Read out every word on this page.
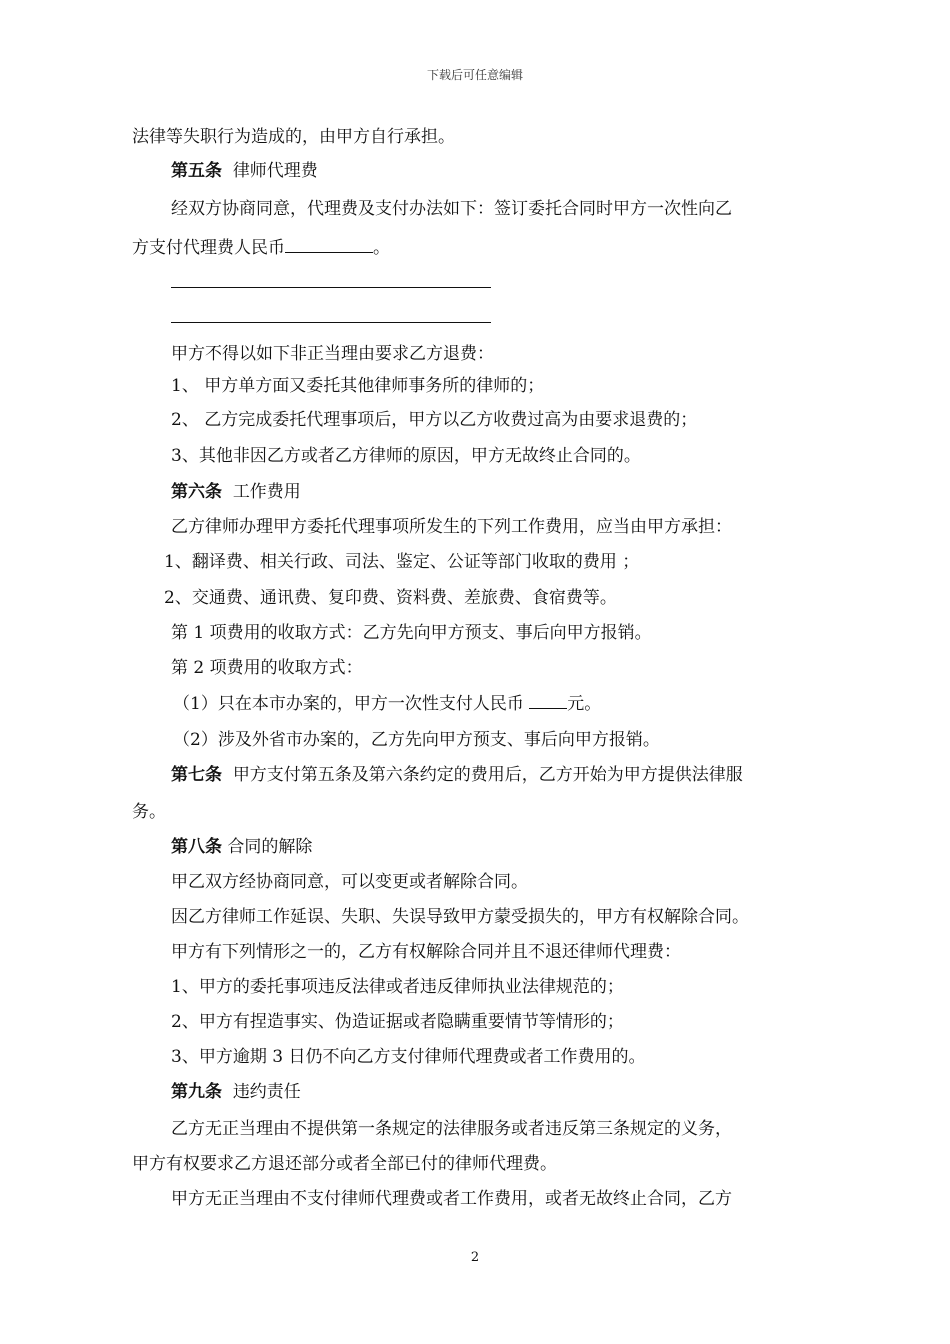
下载后可任意编辑
法律等失职行为造成的，由甲方自行承担。
第五条 律师代理费
经双方协商同意，代理费及支付办法如下：签订委托合同时甲方一次性向乙
方支付代理费人民币	。
甲方不得以如下非正当理由要求乙方退费：
1、 甲方单方面又委托其他律师事务所的律师的；
2、 乙方完成委托代理事项后，甲方以乙方收费过高为由要求退费的；
3、其他非因乙方或者乙方律师的原因，甲方无故终止合同的。
第六条 工作费用
乙方律师办理甲方委托代理事项所发生的下列工作费用，应当由甲方承担：
1、翻译费、相关行政、司法、鉴定、公证等部门收取的费用 ；
2、交通费、通讯费、复印费、资料费、差旅费、食宿费等。
第 1 项费用的收取方式：乙方先向甲方预支、事后向甲方报销。
第 2 项费用的收取方式：
（1）只在本市办案的，甲方一次性支付人民币 元。
（2）涉及外省市办案的，乙方先向甲方预支、事后向甲方报销。
第七条 甲方支付第五条及第六条约定的费用后，乙方开始为甲方提供法律服
务。
第八条 合同的解除
甲乙双方经协商同意，可以变更或者解除合同。
因乙方律师工作延误、失职、失误导致甲方蒙受损失的，甲方有权解除合同。
甲方有下列情形之一的，乙方有权解除合同并且不退还律师代理费：
1、甲方的委托事项违反法律或者违反律师执业法律规范的；
2、甲方有捏造事实、伪造证据或者隐瞒重要情节等情形的；
3、甲方逾期 3 日仍不向乙方支付律师代理费或者工作费用的。
第九条 违约责任
乙方无正当理由不提供第一条规定的法律服务或者违反第三条规定的义务，
甲方有权要求乙方退还部分或者全部已付的律师代理费。
甲方无正当理由不支付律师代理费或者工作费用，或者无故终止合同，乙方
2
